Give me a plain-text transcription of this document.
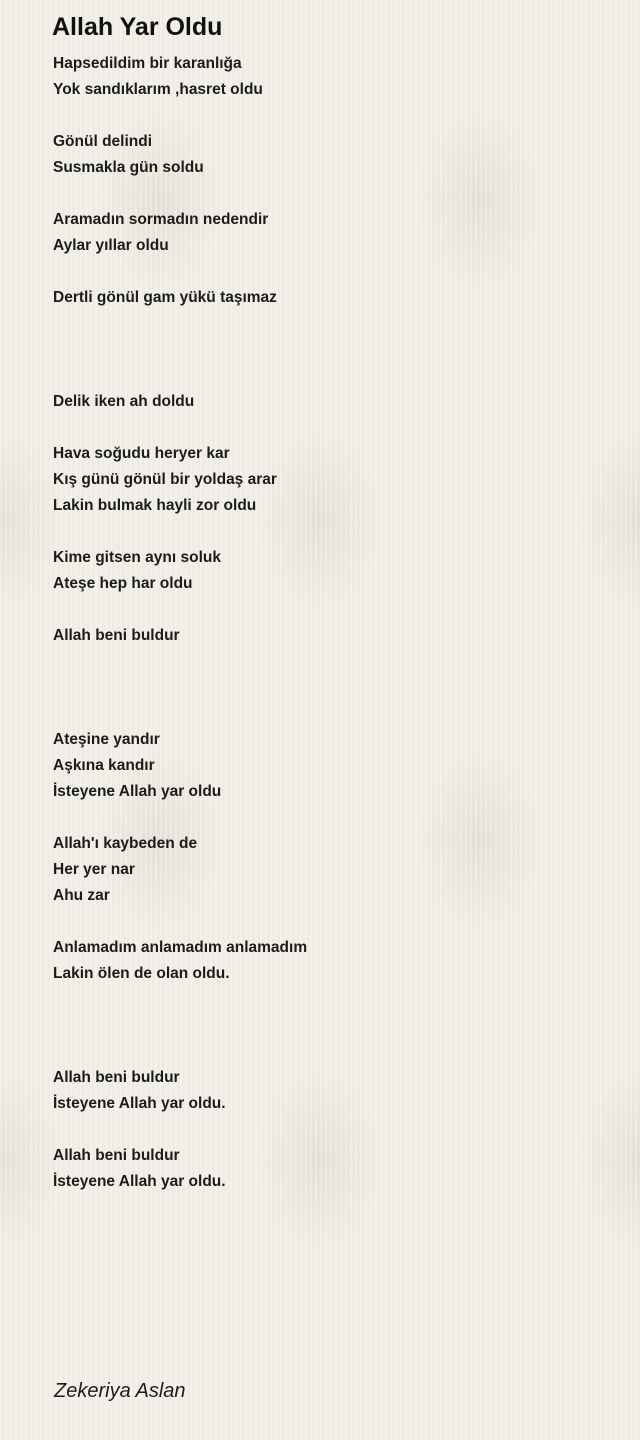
Allah Yar Oldu
Hapsedildim bir karanlığa
Yok sandıklarım ,hasret oldu
Gönül delindi
Susmakla gün soldu
Aramadın sormadın nedendir
Aylar yıllar oldu
Dertli gönül gam yükü taşımaz
Delik iken ah doldu
Hava soğudu heryer kar
Kış günü gönül bir yoldaş arar
Lakin bulmak hayli zor oldu
Kime gitsen aynı soluk
Ateşe hep har oldu
Allah beni buldur
Ateşine yandır
Aşkına kandır
İsteyene Allah yar oldu
Allah'ı kaybeden de
Her yer nar
Ahu zar
Anlamadım anlamadım anlamadım
Lakin ölen de olan oldu.
Allah beni buldur
İsteyene Allah yar oldu.
Allah beni buldur
İsteyene Allah yar oldu.
Zekeriya Aslan
